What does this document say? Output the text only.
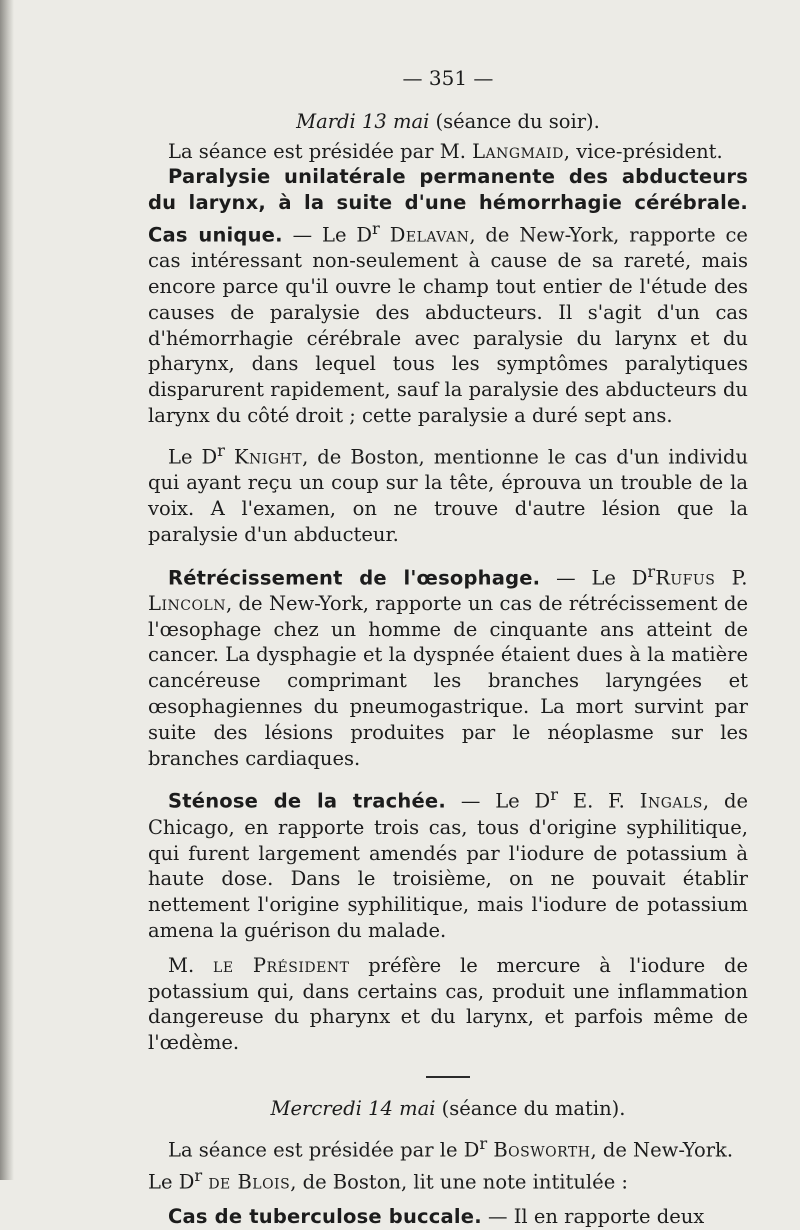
— 351 —
Mardi 13 mai (séance du soir).

La séance est présidée par M. Langmaid, vice-président.

Paralysie unilatérale permanente des abducteurs du larynx, à la suite d'une hémorrhagie cérébrale. Cas unique. — Le $D^r$ Delavan, de New-York, rapporte ce cas intéressant non-seulement à cause de sa rareté, mais encore parce qu'il ouvre le champ tout entier de l'étude des causes de paralysie des abducteurs. Il s'agit d'un cas d'hémorrhagie cérébrale avec paralysie du larynx et du pharynx, dans lequel tous les symptômes paralytiques disparurent rapidement, sauf la paralysie des abducteurs du larynx du côté droit ; cette paralysie a duré sept ans.

Le $D^r$ Knight, de Boston, mentionne le cas d'un individu qui ayant reçu un coup sur la tête, éprouva un trouble de la voix. A l'examen, on ne trouve d'autre lésion que la paralysie d'un abducteur.

Rétrécissement de l'œsophage. — Le $D^rRufus$ P. Lincoln, de New-York, rapporte un cas de rétrécissement de l'œsophage chez un homme de cinquante ans atteint de cancer. La dysphagie et la dyspnée étaient dues à la matière cancéreuse comprimant les branches laryngées et œsophagiennes du pneumogastrique. La mort survint par suite des lésions produites par le néoplasme sur les branches cardiaques.

Sténose de la trachée. — Le $D^r$ E. F. Ingals, de Chicago, en rapporte trois cas, tous d'origine syphilitique, qui furent largement amendés par l'iodure de potassium à haute dose. Dans le troisième, on ne pouvait établir nettement l'origine syphilitique, mais l'iodure de potassium amena la guérison du malade.

M. le Président préfère le mercure à l'iodure de potassium qui, dans certains cas, produit une inflammation dangereuse du pharynx et du larynx, et parfois même de l'œdème.

Mercredi 14 mai (séance du matin).

La séance est présidée par le $D^r$ Bosworth, de New-York.

Le $D^r$ de Blois, de Boston, lit une note intitulée :

Cas de tuberculose buccale. — Il en rapporte deux
